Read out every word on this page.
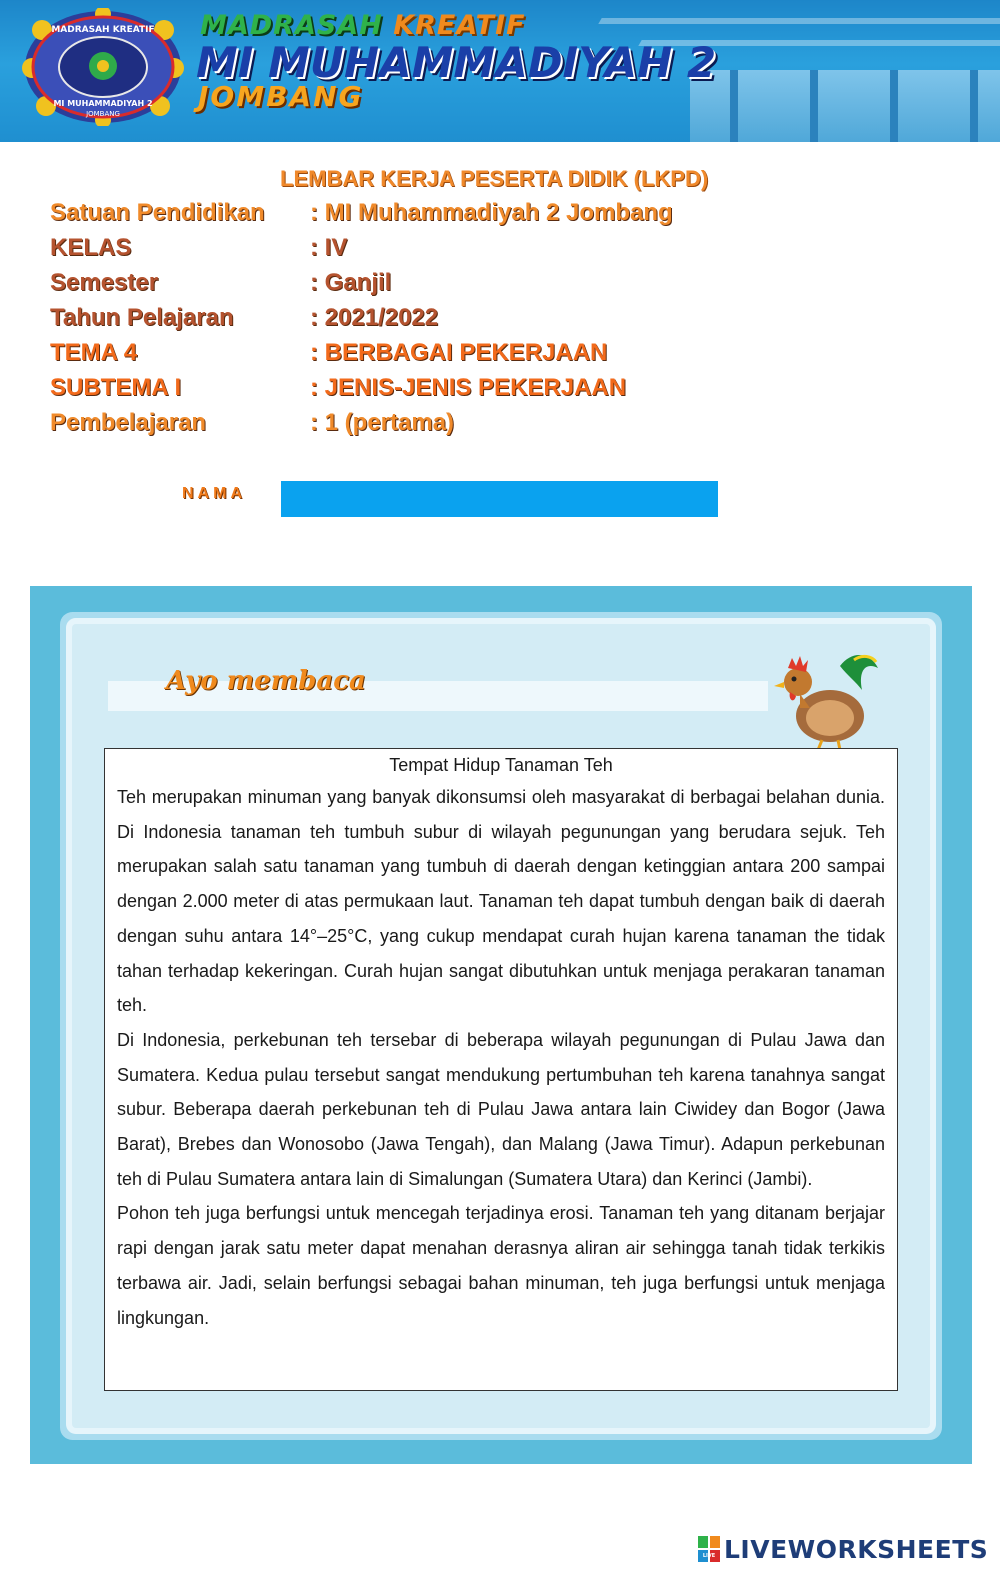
MADRASAH KREATIF
MI MUHAMMADIYAH 2
JOMBANG

MADRASAH KREATIF

MI MUHAMMADIYAH 2

JOMBANG

LEMBAR KERJA PESERTA DIDIK (LKPD)
Satuan Pendidikan : MI Muhammadiyah 2 Jombang
KELAS	: IV
Semester	: Ganjil
Tahun Pelajaran	: 2021/2022
TEMA 4	: BERBAGAI PEKERJAAN
SUBTEMA I	: JENIS-JENIS PEKERJAAN
Pembelajaran	: 1 (pertama)
NAMA
Ayo membaca
Tempat Hidup Tanaman Teh

Teh merupakan minuman yang banyak dikonsumsi oleh masyarakat di berbagai belahan dunia. Di Indonesia tanaman teh tumbuh subur di wilayah pegunungan yang berudara sejuk. Teh merupakan salah satu tanaman yang tumbuh di daerah dengan ketinggian antara 200 sampai dengan 2.000 meter di atas permukaan laut. Tanaman teh dapat tumbuh dengan baik di daerah dengan suhu antara 14°–25°C, yang cukup mendapat curah hujan karena tanaman the tidak tahan terhadap kekeringan. Curah hujan sangat dibutuhkan untuk menjaga perakaran tanaman teh.

Di Indonesia, perkebunan teh tersebar di beberapa wilayah pegunungan di Pulau Jawa dan Sumatera. Kedua pulau tersebut sangat mendukung pertumbuhan teh karena tanahnya sangat subur. Beberapa daerah perkebunan teh di Pulau Jawa antara lain Ciwidey dan Bogor (Jawa Barat), Brebes dan Wonosobo (Jawa Tengah), dan Malang (Jawa Timur). Adapun perkebunan teh di Pulau Sumatera antara lain di Simalungan (Sumatera Utara) dan Kerinci (Jambi).

Pohon teh juga berfungsi untuk mencegah terjadinya erosi. Tanaman teh yang ditanam berjajar rapi dengan jarak satu meter dapat menahan derasnya aliran air sehingga tanah tidak terkikis terbawa air. Jadi, selain berfungsi sebagai bahan minuman, teh juga berfungsi untuk menjaga lingkungan.

LIVE LIVEWORKSHEETS
